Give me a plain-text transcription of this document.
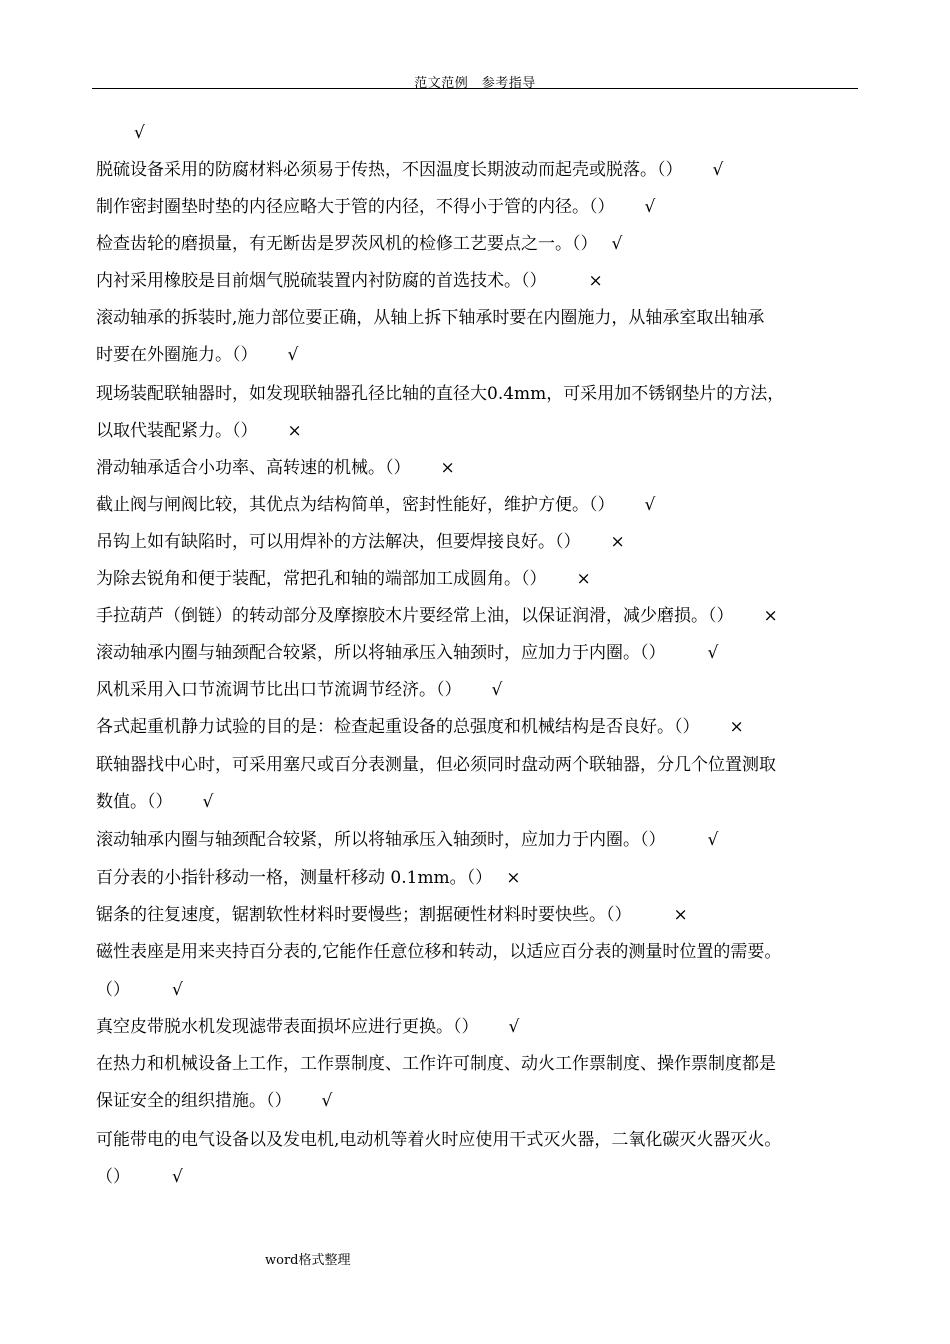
范文范例　参考指导
√
脱硫设备采用的防腐材料必须易于传热，不因温度长期波动而起壳或脱落。（） √
制作密封圈垫时垫的内径应略大于管的内径，不得小于管的内径。（） √
检查齿轮的磨损量，有无断齿是罗茨风机的检修工艺要点之一。（） √
内衬采用橡胶是目前烟气脱硫装置内衬防腐的首选技术。（） ×
滚动轴承的拆装时,施力部位要正确，从轴上拆下轴承时要在内圈施力，从轴承室取出轴承
时要在外圈施力。（） √
现场装配联轴器时，如发现联轴器孔径比轴的直径大0.4mm，可采用加不锈钢垫片的方法，
以取代装配紧力。（） ×
滑动轴承适合小功率、高转速的机械。（） ×
截止阀与闸阀比较，其优点为结构简单，密封性能好，维护方便。（） √
吊钩上如有缺陷时，可以用焊补的方法解决，但要焊接良好。（） ×
为除去锐角和便于装配，常把孔和轴的端部加工成圆角。（） ×
手拉葫芦（倒链）的转动部分及摩擦胶木片要经常上油，以保证润滑，减少磨损。（） ×
滚动轴承内圈与轴颈配合较紧，所以将轴承压入轴颈时，应加力于内圈。（） √
风机采用入口节流调节比出口节流调节经济。（） √
各式起重机静力试验的目的是：检查起重设备的总强度和机械结构是否良好。（） ×
联轴器找中心时，可采用塞尺或百分表测量，但必须同时盘动两个联轴器，分几个位置测取
数值。（） √
滚动轴承内圈与轴颈配合较紧，所以将轴承压入轴颈时，应加力于内圈。（） √
百分表的小指针移动一格，测量杆移动 0.1mm。（） ×
锯条的往复速度，锯割软性材料时要慢些；割据硬性材料时要快些。（） ×
磁性表座是用来夹持百分表的,它能作任意位移和转动，以适应百分表的测量时位置的需要。
（） √
真空皮带脱水机发现滤带表面损坏应进行更换。（） √
在热力和机械设备上工作，工作票制度、工作许可制度、动火工作票制度、操作票制度都是
保证安全的组织措施。（） √
可能带电的电气设备以及发电机,电动机等着火时应使用干式灭火器，二氧化碳灭火器灭火。
（） √
word格式整理
